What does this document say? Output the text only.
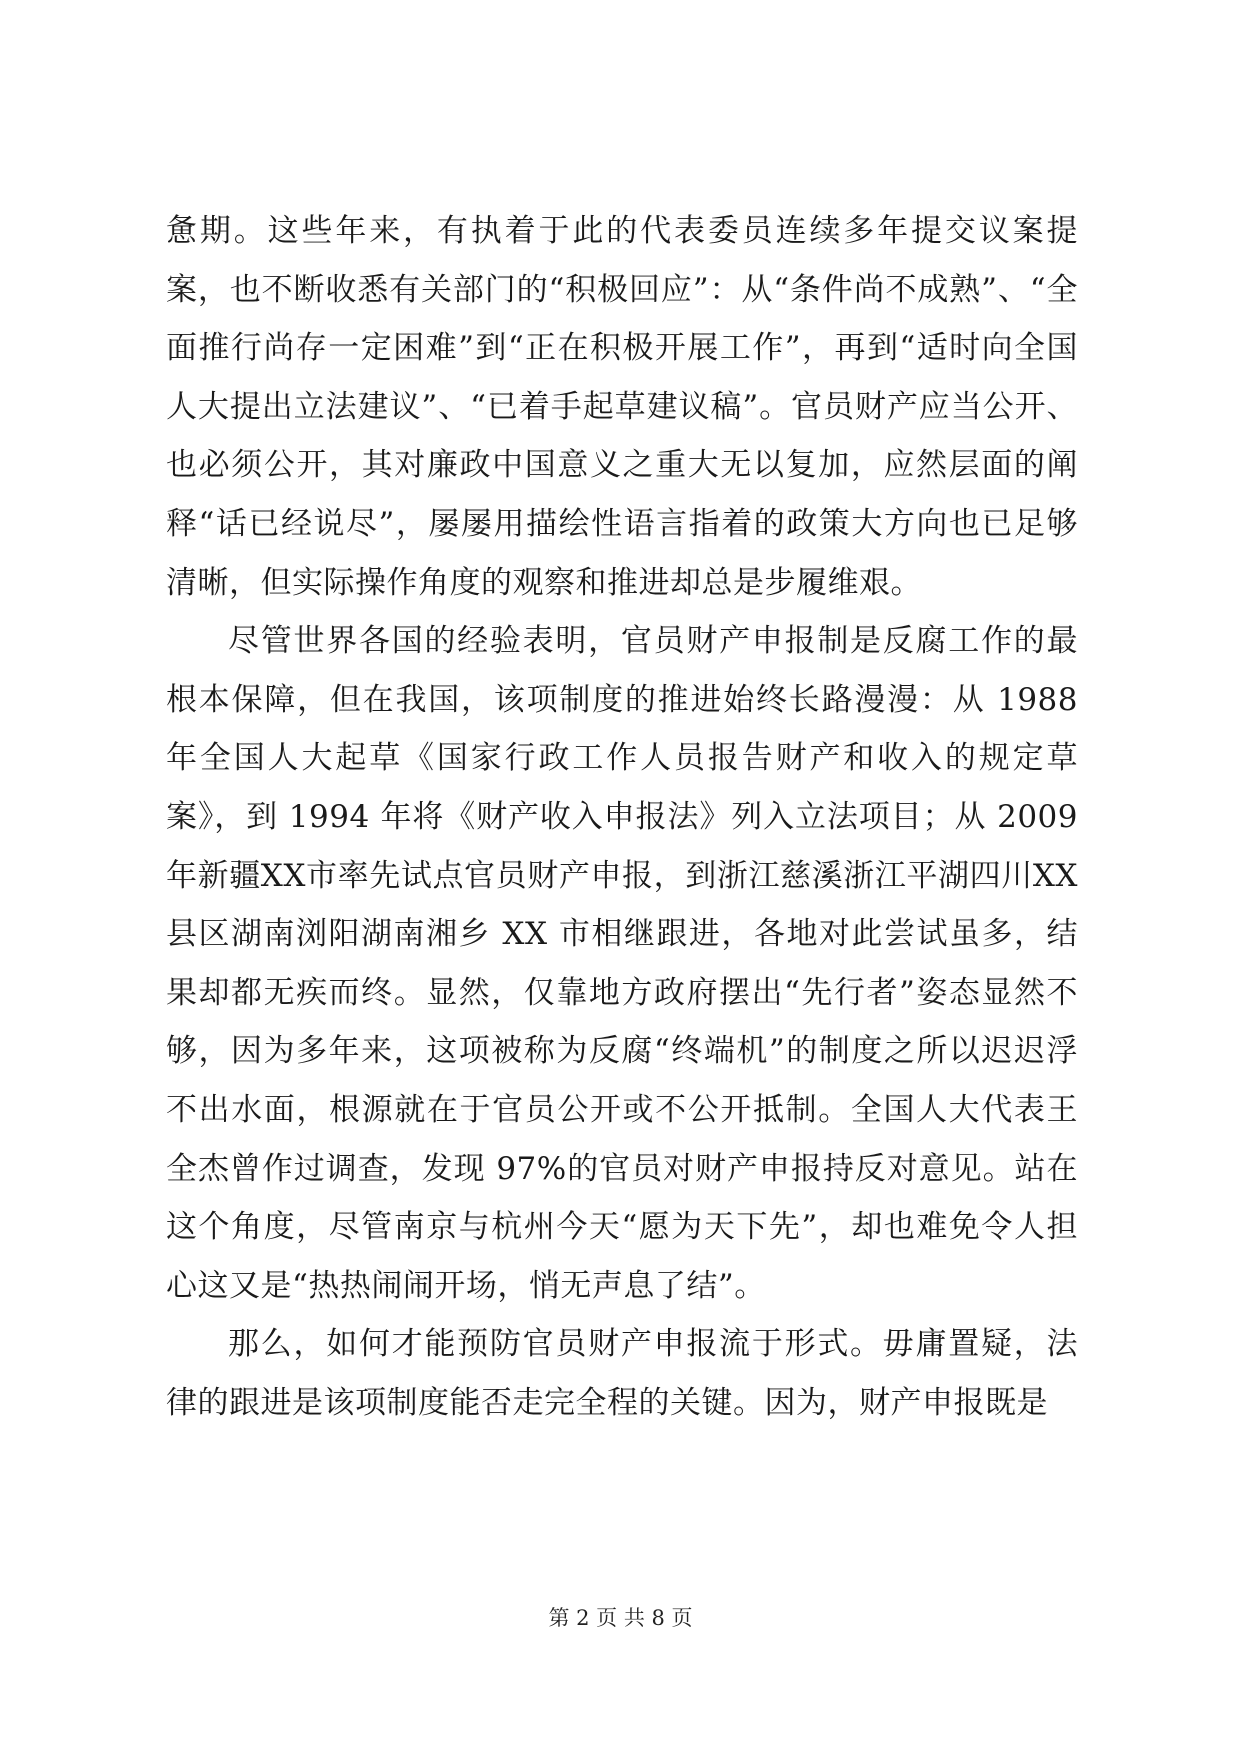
惫期。这些年来，有执着于此的代表委员连续多年提交议案提案，也不断收悉有关部门的“积极回应”：从“条件尚不成熟”、“全面推行尚存一定困难”到“正在积极开展工作”，再到“适时向全国人大提出立法建议”、“已着手起草建议稿”。官员财产应当公开、也必须公开，其对廉政中国意义之重大无以复加，应然层面的阐释“话已经说尽”，屡屡用描绘性语言指着的政策大方向也已足够清晰，但实际操作角度的观察和推进却总是步履维艰。

尽管世界各国的经验表明，官员财产申报制是反腐工作的最根本保障，但在我国，该项制度的推进始终长路漫漫：从 1988 年全国人大起草《国家行政工作人员报告财产和收入的规定草案》，到 1994 年将《财产收入申报法》列入立法项目；从 2009 年新疆XX市率先试点官员财产申报，到浙江慈溪浙江平湖四川XX县区湖南浏阳湖南湘乡 XX 市相继跟进，各地对此尝试虽多，结果却都无疾而终。显然，仅靠地方政府摆出“先行者”姿态显然不够，因为多年来，这项被称为反腐“终端机”的制度之所以迟迟浮不出水面，根源就在于官员公开或不公开抵制。全国人大代表王全杰曾作过调查，发现 97%的官员对财产申报持反对意见。站在这个角度，尽管南京与杭州今天“愿为天下先”，却也难免令人担心这又是“热热闹闹开场，悄无声息了结”。

那么，如何才能预防官员财产申报流于形式。毋庸置疑，法律的跟进是该项制度能否走完全程的关键。因为，财产申报既是

第 2 页 共 8 页
